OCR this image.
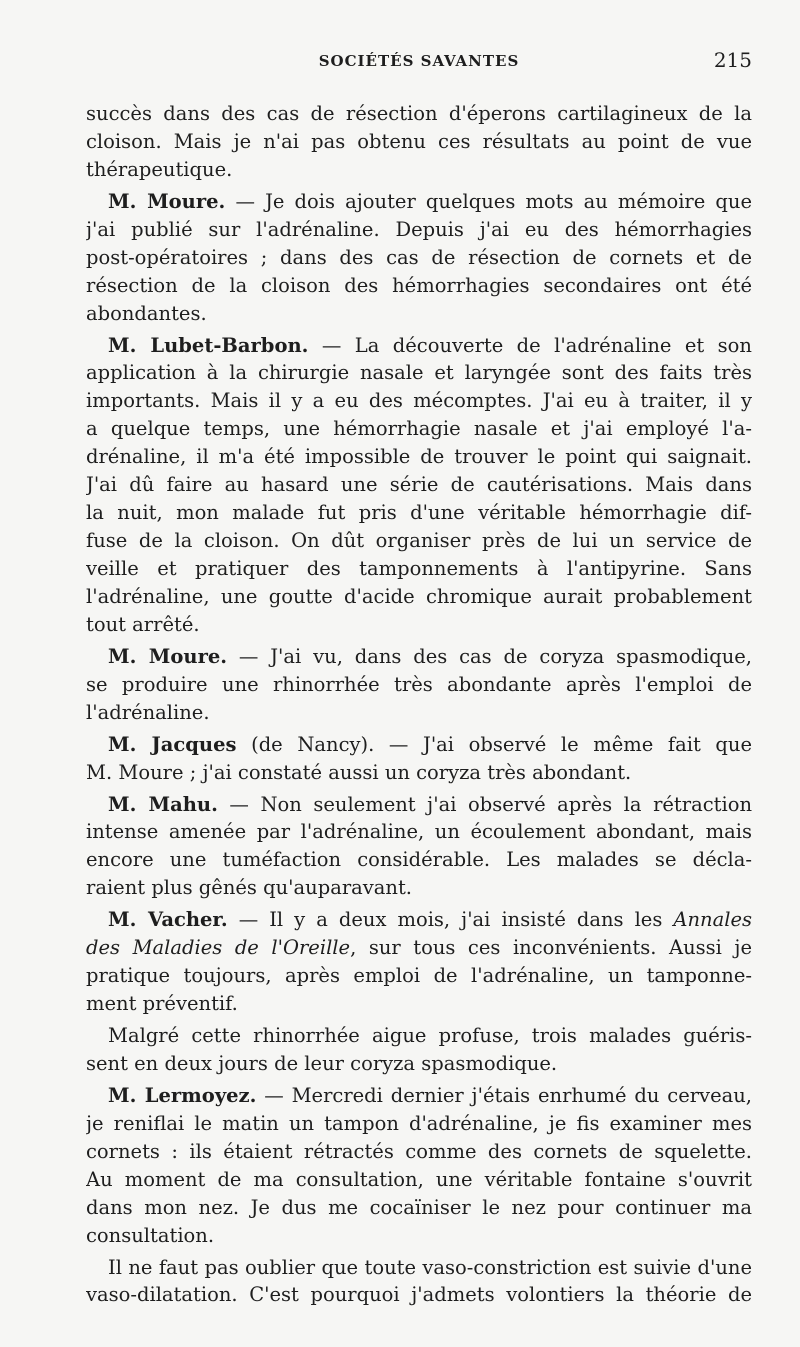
SOCIÉTÉS SAVANTES	215
succès dans des cas de résection d'éperons cartilagineux de la
cloison. Mais je n'ai pas obtenu ces résultats au point de vue
thérapeutique.
M. Moure. — Je dois ajouter quelques mots au mémoire que
j'ai publié sur l'adrénaline. Depuis j'ai eu des hémorrhagies
post-opératoires ; dans des cas de résection de cornets et de
résection de la cloison des hémorrhagies secondaires ont été
abondantes.
M. Lubet-Barbon. — La découverte de l'adrénaline et son
application à la chirurgie nasale et laryngée sont des faits très
importants. Mais il y a eu des mécomptes. J'ai eu à traiter, il y
a quelque temps, une hémorrhagie nasale et j'ai employé l'a-
drénaline, il m'a été impossible de trouver le point qui saignait.
J'ai dû faire au hasard une série de cautérisations. Mais dans
la nuit, mon malade fut pris d'une véritable hémorrhagie dif-
fuse de la cloison. On dût organiser près de lui un service de
veille et pratiquer des tamponnements à l'antipyrine. Sans
l'adrénaline, une goutte d'acide chromique aurait probablement
tout arrêté.
M. Moure. — J'ai vu, dans des cas de coryza spasmodique,
se produire une rhinorrhée très abondante après l'emploi de
l'adrénaline.
M. Jacques (de Nancy). — J'ai observé le même fait que
M. Moure ; j'ai constaté aussi un coryza très abondant.
M. Mahu. — Non seulement j'ai observé après la rétraction
intense amenée par l'adrénaline, un écoulement abondant, mais
encore une tuméfaction considérable. Les malades se décla-
raient plus gênés qu'auparavant.
M. Vacher. — Il y a deux mois, j'ai insisté dans les Annales
des Maladies de l'Oreille, sur tous ces inconvénients. Aussi je
pratique toujours, après emploi de l'adrénaline, un tamponne-
ment préventif.
Malgré cette rhinorrhée aigue profuse, trois malades guéris-
sent en deux jours de leur coryza spasmodique.
M. Lermoyez. — Mercredi dernier j'étais enrhumé du cerveau,
je reniflai le matin un tampon d'adrénaline, je fis examiner mes
cornets : ils étaient rétractés comme des cornets de squelette.
Au moment de ma consultation, une véritable fontaine s'ouvrit
dans mon nez. Je dus me cocaïniser le nez pour continuer ma
consultation.
Il ne faut pas oublier que toute vaso-constriction est suivie d'une
vaso-dilatation. C'est pourquoi j'admets volontiers la théorie de
